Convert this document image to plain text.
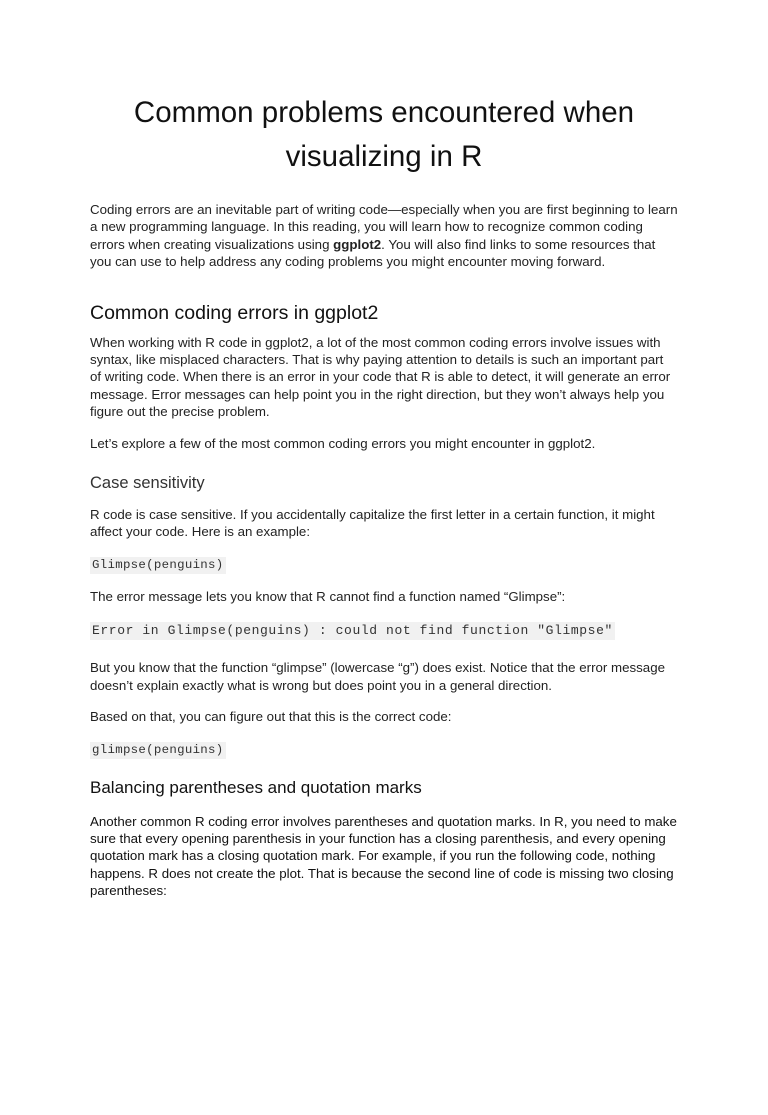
Common problems encountered when visualizing in R

Coding errors are an inevitable part of writing code—especially when you are first beginning to learn a new programming language. In this reading, you will learn how to recognize common coding errors when creating visualizations using ggplot2. You will also find links to some resources that you can use to help address any coding problems you might encounter moving forward.

Common coding errors in ggplot2

When working with R code in ggplot2, a lot of the most common coding errors involve issues with syntax, like misplaced characters. That is why paying attention to details is such an important part of writing code. When there is an error in your code that R is able to detect, it will generate an error message. Error messages can help point you in the right direction, but they won’t always help you figure out the precise problem.

Let’s explore a few of the most common coding errors you might encounter in ggplot2.

Case sensitivity

R code is case sensitive. If you accidentally capitalize the first letter in a certain function, it might affect your code. Here is an example:

Glimpse(penguins)

The error message lets you know that R cannot find a function named “Glimpse”:

Error in Glimpse(penguins) : could not find function "Glimpse"

But you know that the function “glimpse” (lowercase “g”) does exist. Notice that the error message doesn’t explain exactly what is wrong but does point you in a general direction.

Based on that, you can figure out that this is the correct code:

glimpse(penguins)
Balancing parentheses and quotation marks

Another common R coding error involves parentheses and quotation marks. In R, you need to make sure that every opening parenthesis in your function has a closing parenthesis, and every opening quotation mark has a closing quotation mark. For example, if you run the following code, nothing happens. R does not create the plot. That is because the second line of code is missing two closing parentheses:
